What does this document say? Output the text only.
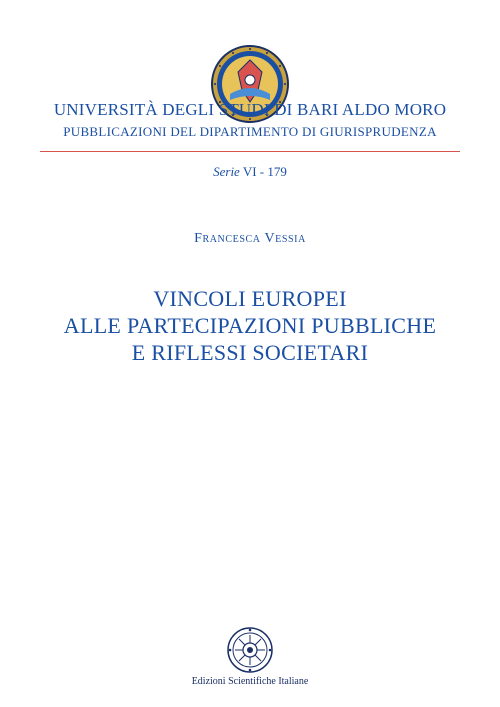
UNIVERSITÀ DEGLI STUDI DI BARI ALDO MORO
PUBBLICAZIONI DEL DIPARTIMENTO DI GIURISPRUDENZA
Serie VI - 179
Francesca Vessia
VINCOLI EUROPEI
ALLE PARTECIPAZIONI PUBBLICHE
E RIFLESSI SOCIETARI
Edizioni Scientifiche Italiane
